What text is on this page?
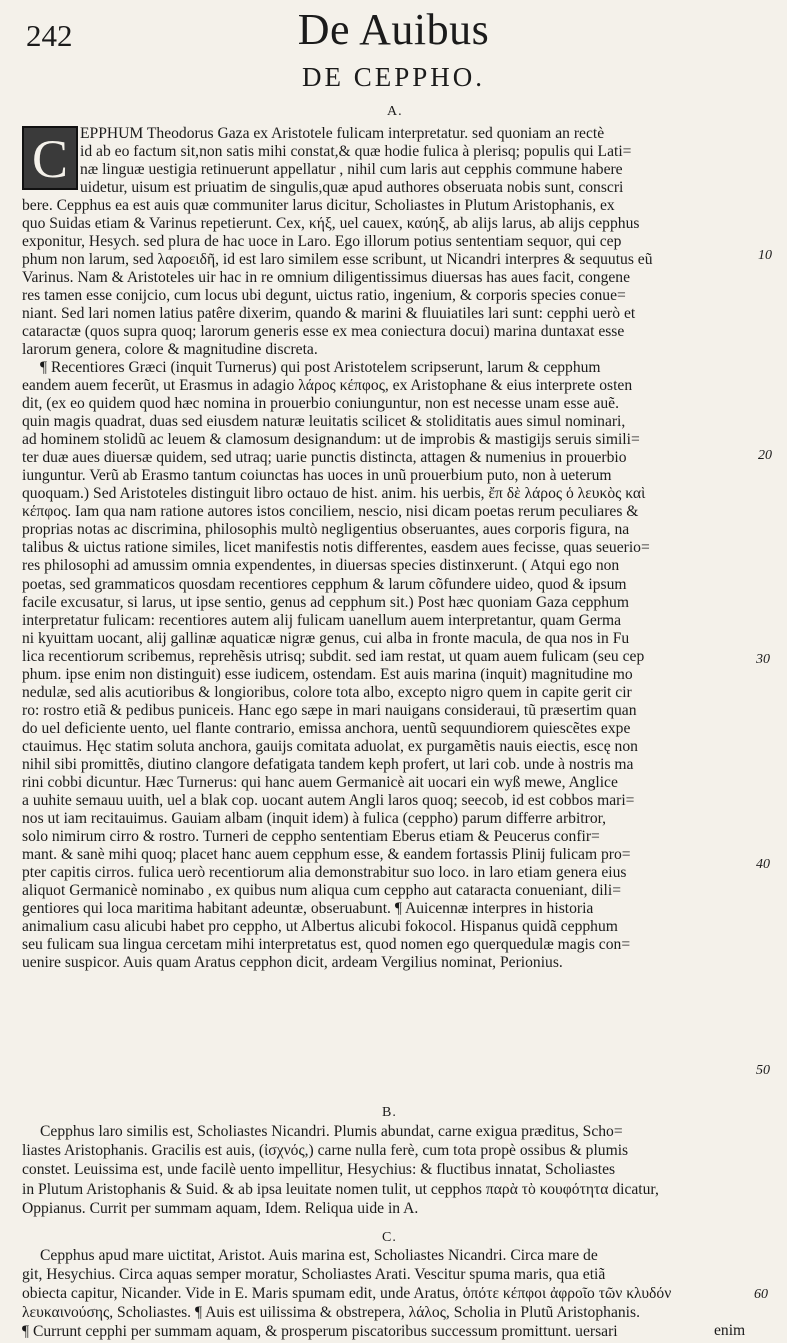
242	De Auibus
DE CEPPHO.
A.
B.
C.
C
10
20
30
40
50
60
EPPHUM Theodorus Gaza ex Aristotele fulicam interpretatur. sed quoniam an rectè
id ab eo factum sit,non satis mihi constat,& quæ hodie fulica à plerisq; populis qui Lati=
næ linguæ uestigia retinuerunt appellatur , nihil cum laris aut cepphis commune habere
uidetur, uisum est priuatim de singulis,quæ apud authores obseruata nobis sunt, conscri
bere. Cepphus ea est auis quæ communiter larus dicitur, Scholiastes in Plutum Aristophanis, ex
quo Suidas etiam & Varinus repetierunt. Cex, κήξ, uel cauex, καύηξ, ab alijs larus, ab alijs cepphus
exponitur, Hesych. sed plura de hac uoce in Laro. Ego illorum potius sententiam sequor, qui cep
phum non larum, sed λαροειδῆ, id est laro similem esse scribunt, ut Nicandri interpres & sequutus eũ
Varinus. Nam & Aristoteles uir hac in re omnium diligentissimus diuersas has aues facit, congene
res tamen esse conijcio, cum locus ubi degunt, uictus ratio, ingenium, & corporis species conue=
niant. Sed lari nomen latius patêre dixerim, quando & marini & fluuiatiles lari sunt: cepphi uerò et
cataractæ (quos supra quoq; larorum generis esse ex mea coniectura docui) marina duntaxat esse
larorum genera, colore & magnitudine discreta.
¶ Recentiores Græci (inquit Turnerus) qui post Aristotelem scripserunt, larum & cepphum
eandem auem fecerũt, ut Erasmus in adagio λάρος κέπφος, ex Aristophane & eius interprete osten
dit, (ex eo quidem quod hæc nomina in prouerbio coniunguntur, non est necesse unam esse auẽ.
quin magis quadrat, duas sed eiusdem naturæ leuitatis scilicet & stoliditatis aues simul nominari,
ad hominem stolidũ ac leuem & clamosum designandum: ut de improbis & mastigijs seruis simili=
ter duæ aues diuersæ quidem, sed utraq; uarie punctis distincta, attagen & numenius in prouerbio
iunguntur. Verũ ab Erasmo tantum coiunctas has uoces in unũ prouerbium puto, non à ueterum
quoquam.) Sed Aristoteles distinguit libro octauo de hist. anim. his uerbis, ἔπ δὲ λάρος ὁ λευκὸς καὶ
κέπφος. Iam qua nam ratione autores istos conciliem, nescio, nisi dicam poetas rerum peculiares &
proprias notas ac discrimina, philosophis multò negligentius obseruantes, aues corporis figura, na
talibus & uictus ratione similes, licet manifestis notis differentes, easdem aues fecisse, quas seuerio=
res philosophi ad amussim omnia expendentes, in diuersas species distinxerunt. ( Atqui ego non
poetas, sed grammaticos quosdam recentiores cepphum & larum cõfundere uideo, quod & ipsum
facile excusatur, si larus, ut ipse sentio, genus ad cepphum sit.) Post hæc quoniam Gaza cepphum
interpretatur fulicam: recentiores autem alij fulicam uanellum auem interpretantur, quam Germa
ni kyuittam uocant, alij gallinæ aquaticæ nigræ genus, cui alba in fronte macula, de qua nos in Fu
lica recentiorum scribemus, reprehẽsis utrisq; subdit. sed iam restat, ut quam auem fulicam (seu cep
phum. ipse enim non distinguit) esse iudicem, ostendam. Est auis marina (inquit) magnitudine mo
nedulæ, sed alis acutioribus & longioribus, colore tota albo, excepto nigro quem in capite gerit cir
ro: rostro etiã & pedibus puniceis. Hanc ego sæpe in mari nauigans consideraui, tũ præsertim quan
do uel deficiente uento, uel flante contrario, emissa anchora, uentũ sequundiorem quiescẽtes expe
ctauimus. Hęc statim soluta anchora, gauijs comitata aduolat, ex purgamẽtis nauis eiectis, escę non
nihil sibi promittẽs, diutino clangore defatigata tandem keph profert, ut lari cob. unde à nostris ma
rini cobbi dicuntur. Hæc Turnerus: qui hanc auem Germanicè ait uocari ein wyß mewe, Anglice
a uuhite semauu uuith, uel a blak cop. uocant autem Angli laros quoq; seecob, id est cobbos mari=
nos ut iam recitauimus. Gauiam albam (inquit idem) à fulica (ceppho) parum differre arbitror,
solo nimirum cirro & rostro. Turneri de ceppho sententiam Eberus etiam & Peucerus confir=
mant. & sanè mihi quoq; placet hanc auem cepphum esse, & eandem fortassis Plinij fulicam pro=
pter capitis cirros. fulica uerò recentiorum alia demonstrabitur suo loco. in laro etiam genera eius
aliquot Germanicè nominabo , ex quibus num aliqua cum ceppho aut cataracta conueniant, dili=
gentiores qui loca maritima habitant adeuntæ, obseruabunt. ¶ Auicennæ interpres in historia
animalium casu alicubi habet pro ceppho, ut Albertus alicubi fokocol. Hispanus quidã cepphum
seu fulicam sua lingua cercetam mihi interpretatus est, quod nomen ego querquedulæ magis con=
uenire suspicor. Auis quam Aratus cepphon dicit, ardeam Vergilius nominat, Perionius.
Cepphus laro similis est, Scholiastes Nicandri. Plumis abundat, carne exigua præditus, Scho=
liastes Aristophanis. Gracilis est auis, (ἰσχνός,) carne nulla ferè, cum tota propè ossibus & plumis
constet. Leuissima est, unde facilè uento impellitur, Hesychius: & fluctibus innatat, Scholiastes
in Plutum Aristophanis & Suid. & ab ipsa leuitate nomen tulit, ut cepphos παρὰ τὸ κουφότητα dicatur,
Oppianus. Currit per summam aquam, Idem. Reliqua uide in A.
Cepphus apud mare uictitat, Aristot. Auis marina est, Scholiastes Nicandri. Circa mare de
git, Hesychius. Circa aquas semper moratur, Scholiastes Arati. Vescitur spuma maris, qua etiã
obiecta capitur, Nicander. Vide in E. Maris spumam edit, unde Aratus, ὁπότε κέπφοι ἀφροῖο τῶν κλυδόν
λευκαινούσης, Scholiastes. ¶ Auis est uilissima & obstrepera, λάλος, Scholia in Plutũ Aristophanis.
¶ Currunt cepphi per summam aquam, & prosperum piscatoribus successum promittunt. uersari	enim
